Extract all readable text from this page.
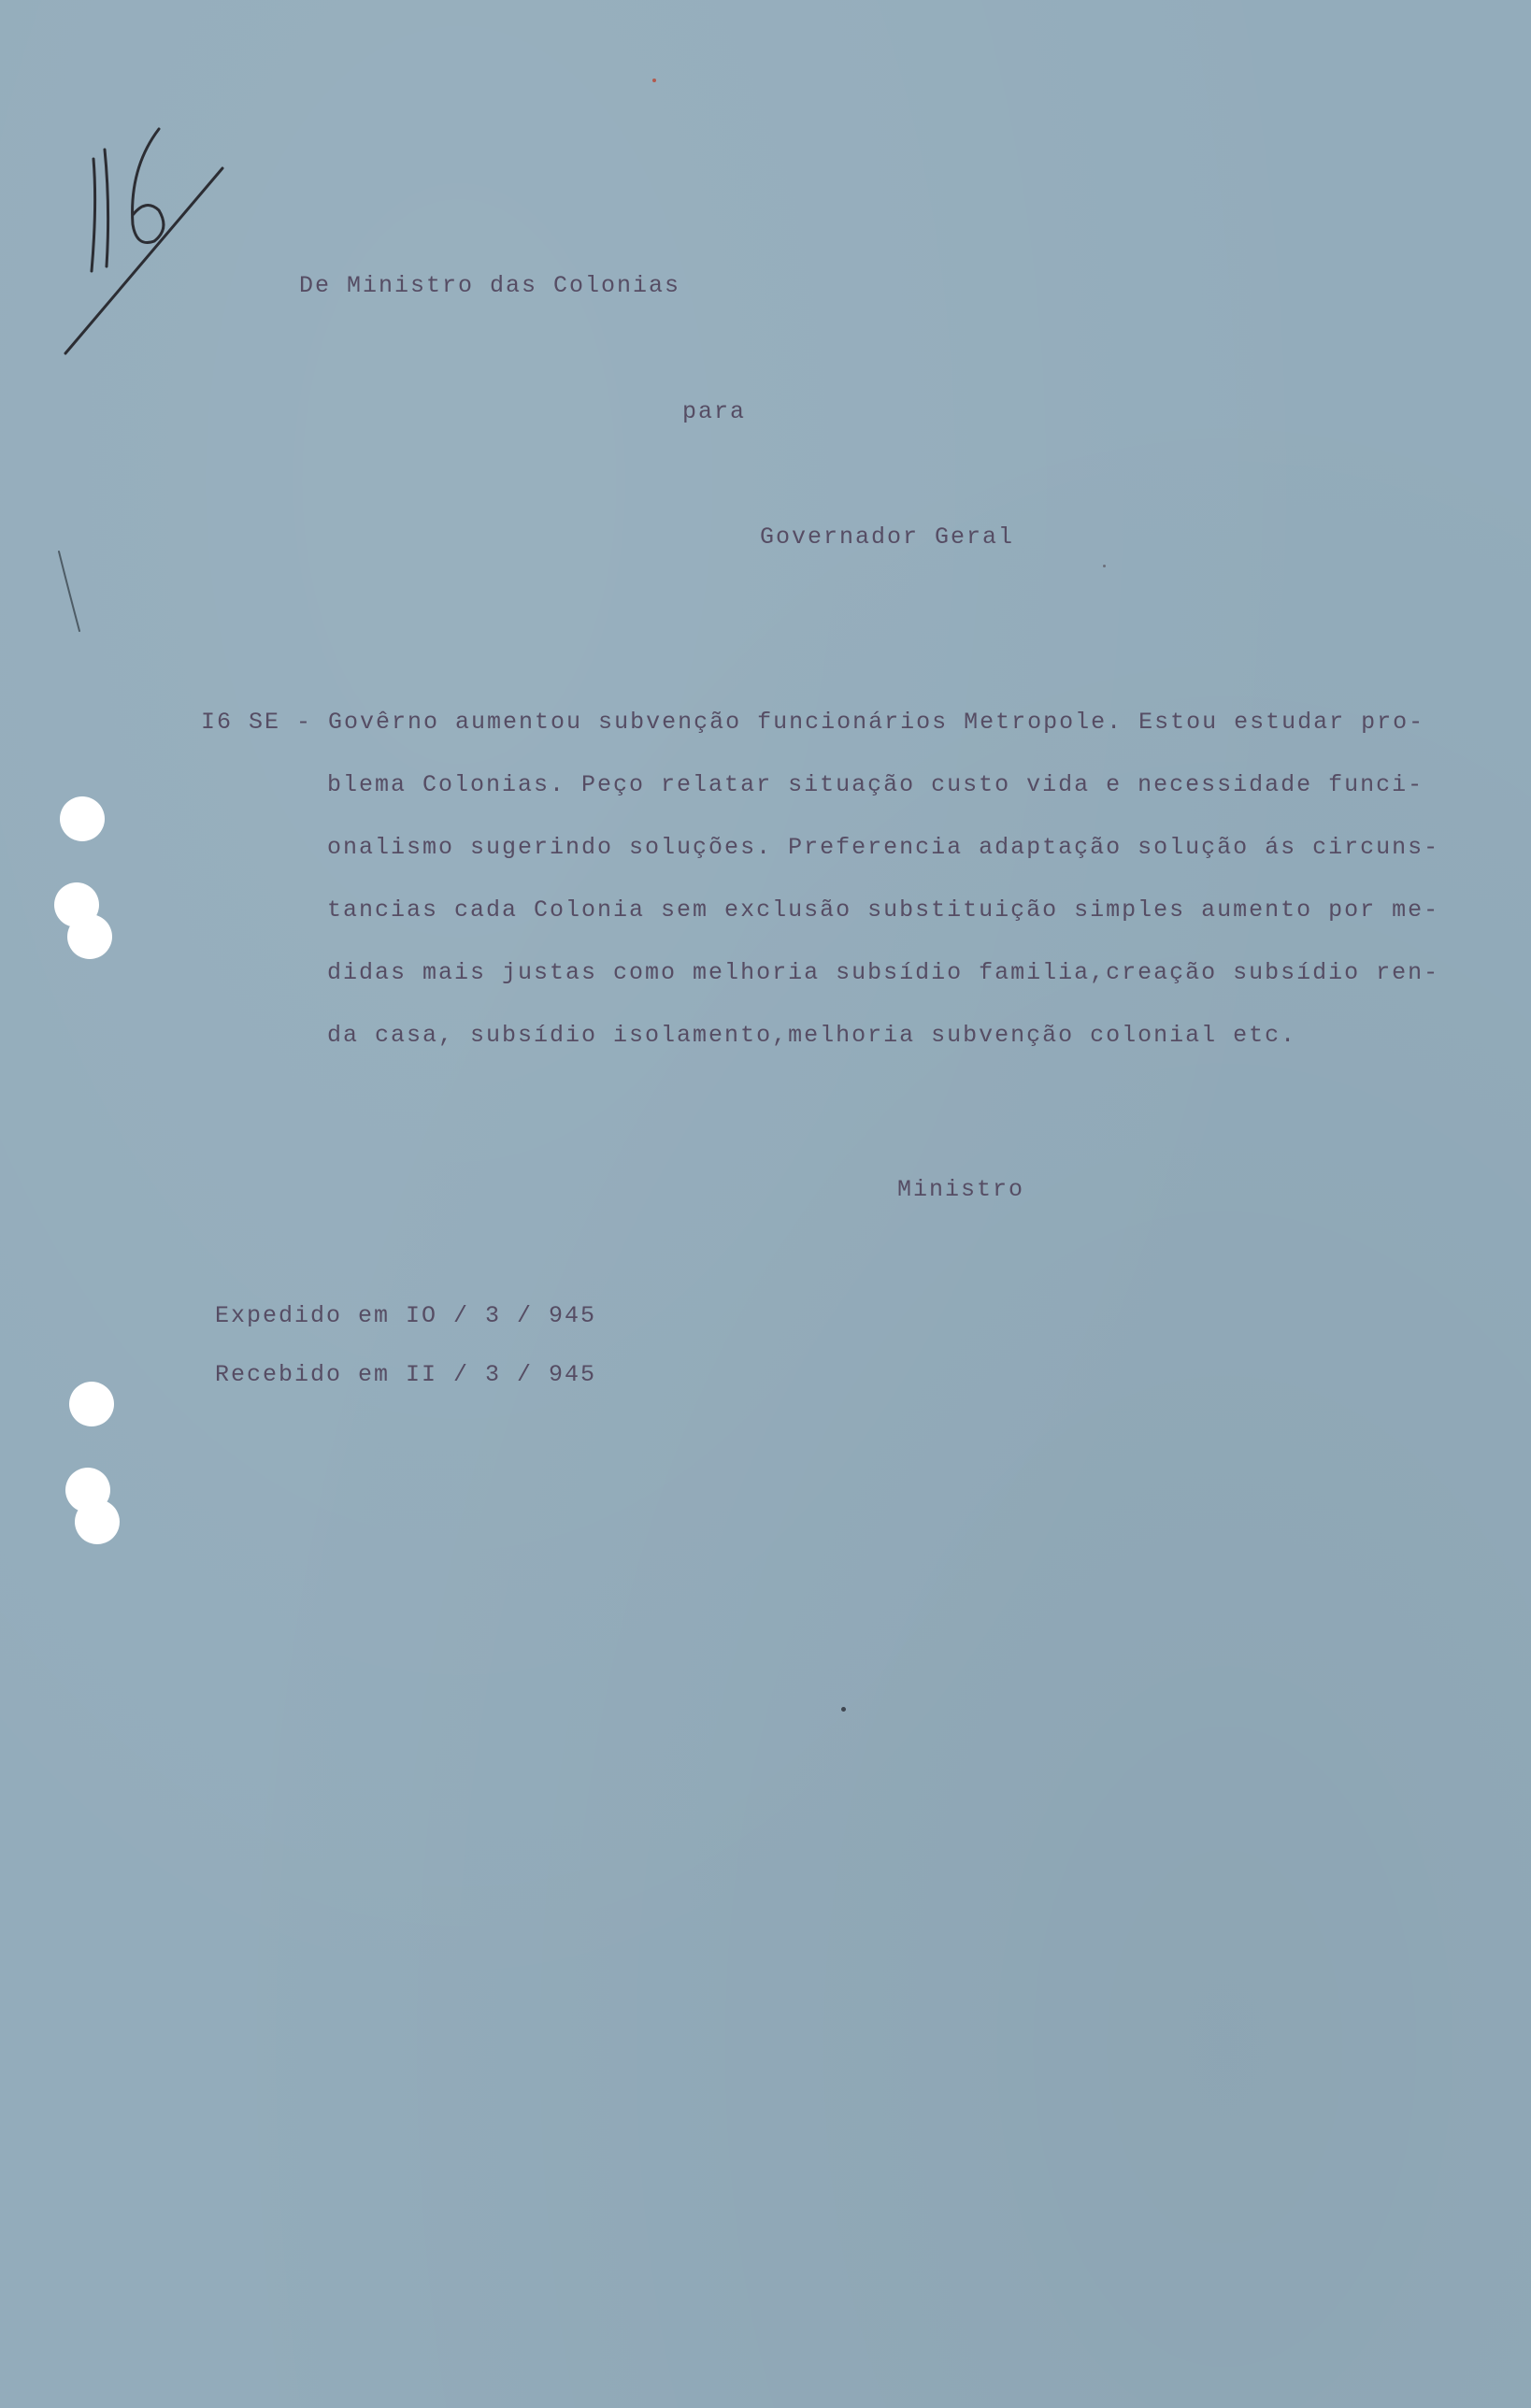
De Ministro das Colonias
para
Governador Geral
I6 SE - Govêrno aumentou subvenção funcionários Metropole. Estou estudar pro-
blema Colonias. Peço relatar situação custo vida e necessidade funci-
onalismo sugerindo soluções. Preferencia adaptação solução ás circuns-
tancias cada Colonia sem exclusão substituição simples aumento por me-
didas mais justas como melhoria subsídio familia,creação subsídio ren-
da casa, subsídio isolamento,melhoria subvenção colonial etc.
Ministro
Expedido em IO / 3 / 945
Recebido em II / 3 / 945
